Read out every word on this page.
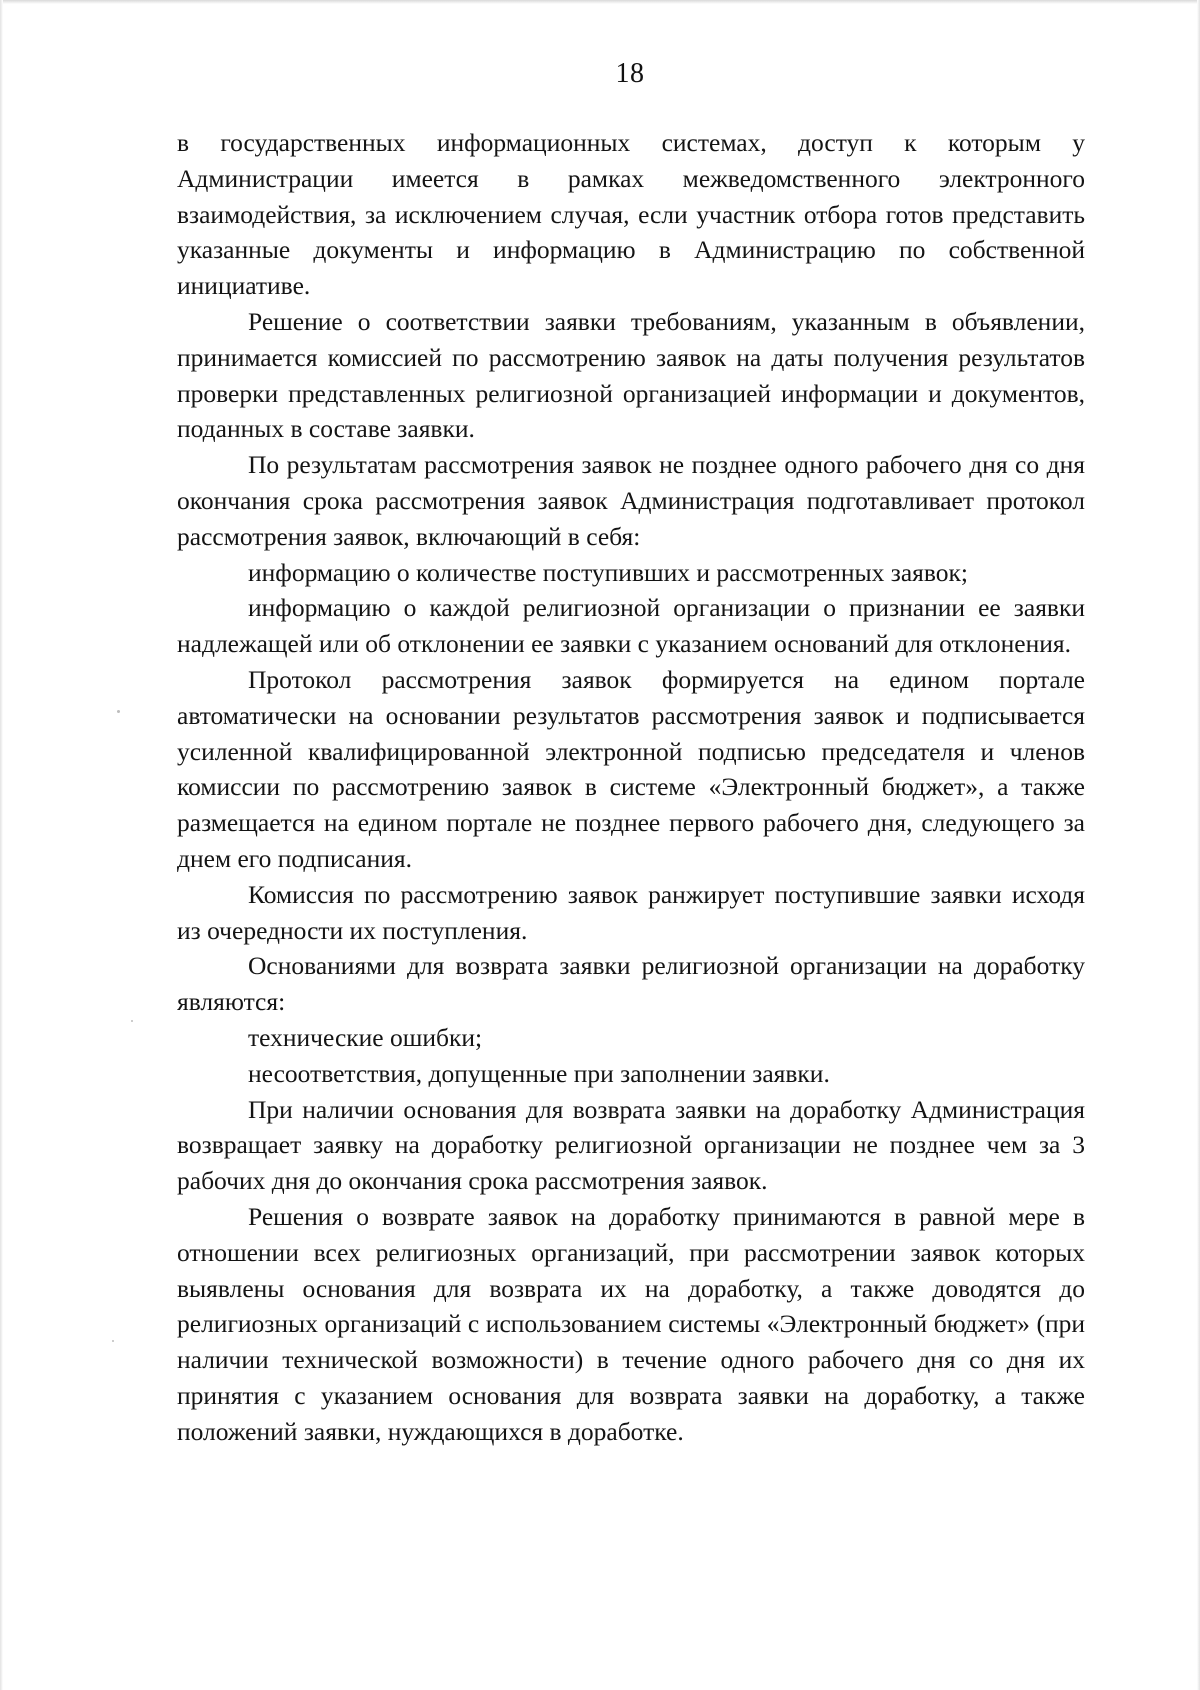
18

в государственных информационных системах, доступ к которым у Администрации имеется в рамках межведомственного электронного взаимодействия, за исключением случая, если участник отбора готов представить указанные документы и информацию в Администрацию по собственной инициативе.

Решение о соответствии заявки требованиям, указанным в объявлении, принимается комиссией по рассмотрению заявок на даты получения результатов проверки представленных религиозной организацией информации и документов, поданных в составе заявки.

По результатам рассмотрения заявок не позднее одного рабочего дня со дня окончания срока рассмотрения заявок Администрация подготавливает протокол рассмотрения заявок, включающий в себя:

информацию о количестве поступивших и рассмотренных заявок;

информацию о каждой религиозной организации о признании ее заявки надлежащей или об отклонении ее заявки с указанием оснований для отклонения.

Протокол рассмотрения заявок формируется на едином портале автоматически на основании результатов рассмотрения заявок и подписывается усиленной квалифицированной электронной подписью председателя и членов комиссии по рассмотрению заявок в системе «Электронный бюджет», а также размещается на едином портале не позднее первого рабочего дня, следующего за днем его подписания.

Комиссия по рассмотрению заявок ранжирует поступившие заявки исходя из очередности их поступления.

Основаниями для возврата заявки религиозной организации на доработку являются:

технические ошибки;

несоответствия, допущенные при заполнении заявки.

При наличии основания для возврата заявки на доработку Администрация возвращает заявку на доработку религиозной организации не позднее чем за 3 рабочих дня до окончания срока рассмотрения заявок.

Решения о возврате заявок на доработку принимаются в равной мере в отношении всех религиозных организаций, при рассмотрении заявок которых выявлены основания для возврата их на доработку, а также доводятся до религиозных организаций с использованием системы «Электронный бюджет» (при наличии технической возможности) в течение одного рабочего дня со дня их принятия с указанием основания для возврата заявки на доработку, а также положений заявки, нуждающихся в доработке.
